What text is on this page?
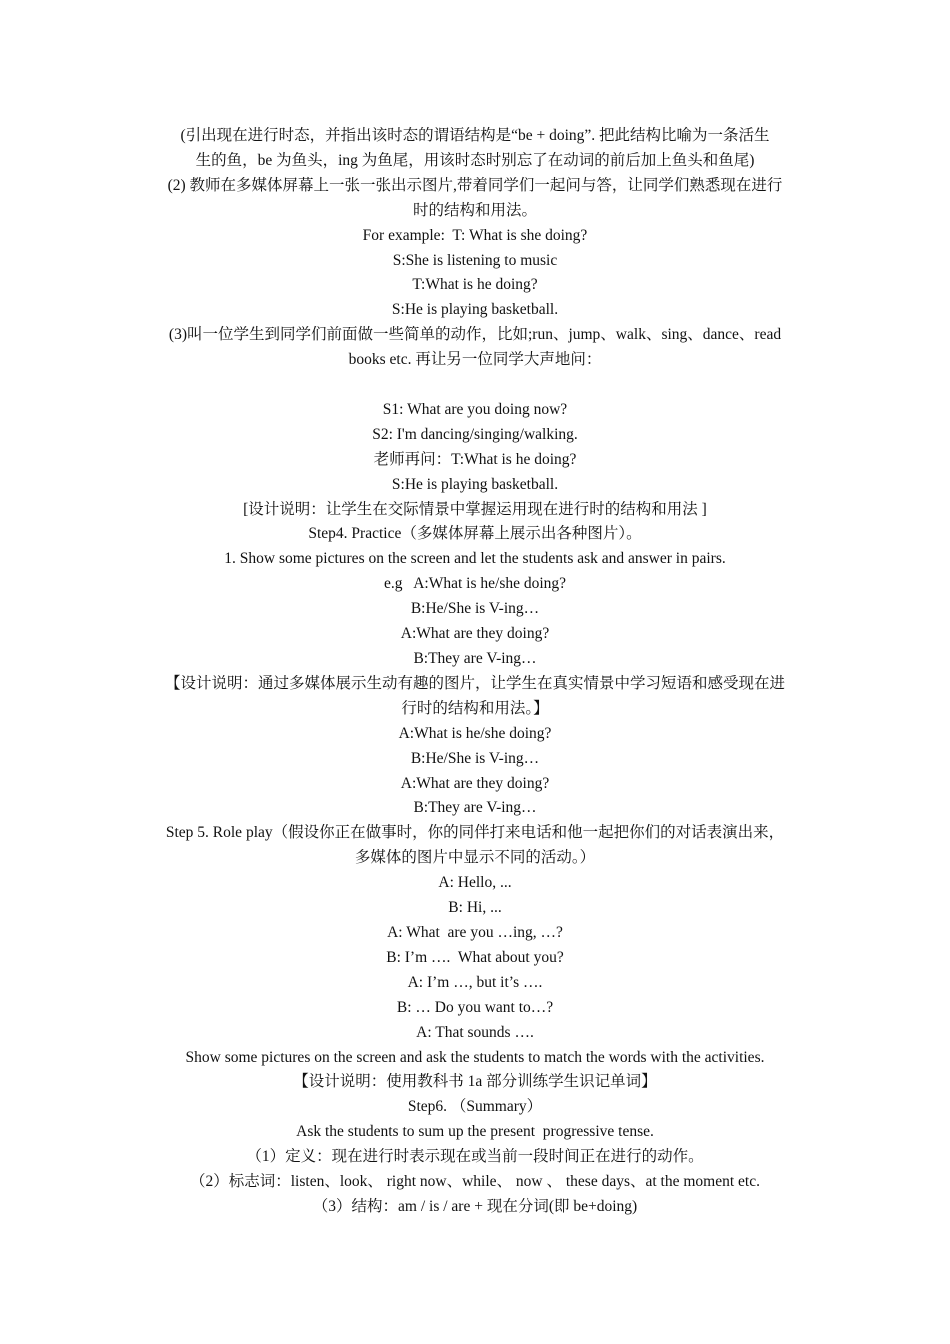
(引出现在进行时态，并指出该时态的谓语结构是“be + doing”. 把此结构比喻为一条活生
生的鱼，be 为鱼头，ing 为鱼尾，用该时态时别忘了在动词的前后加上鱼头和鱼尾)
(2) 教师在多媒体屏幕上一张一张出示图片,带着同学们一起问与答，让同学们熟悉现在进行
时的结构和用法。
For example:  T: What is she doing?
S:She is listening to music
T:What is he doing?
S:He is playing basketball.
(3)叫一位学生到同学们前面做一些简单的动作，比如;run、jump、walk、sing、dance、read
books etc. 再让另一位同学大声地问：
S1: What are you doing now?
S2: I'm dancing/singing/walking.
老师再问：T:What is he doing?
S:He is playing basketball.
[设计说明：让学生在交际情景中掌握运用现在进行时的结构和用法 ]
Step4. Practice（多媒体屏幕上展示出各种图片）。
1. Show some pictures on the screen and let the students ask and answer in pairs.
e.g   A:What is he/she doing?
B:He/She is V-ing…
A:What are they doing?
B:They are V-ing…
【设计说明：通过多媒体展示生动有趣的图片，让学生在真实情景中学习短语和感受现在进
行时的结构和用法。】
A:What is he/she doing?
B:He/She is V-ing…
A:What are they doing?
B:They are V-ing…
Step 5. Role play（假设你正在做事时，你的同伴打来电话和他一起把你们的对话表演出来，
多媒体的图片中显示不同的活动。）
A: Hello, ...
B: Hi, ...
A: What  are you …ing, …?
B: I’m ….  What about you?
A: I’m …, but it’s ….
B: … Do you want to…?
A: That sounds ….
Show some pictures on the screen and ask the students to match the words with the activities.
【设计说明：使用教科书 1a 部分训练学生识记单词】
Step6. （Summary）
Ask the students to sum up the present  progressive tense.
（1）定义：现在进行时表示现在或当前一段时间正在进行的动作。
（2）标志词：listen、look、 right now、while、 now 、 these days、at the moment etc.
（3）结构：am / is / are + 现在分词(即 be+doing)
